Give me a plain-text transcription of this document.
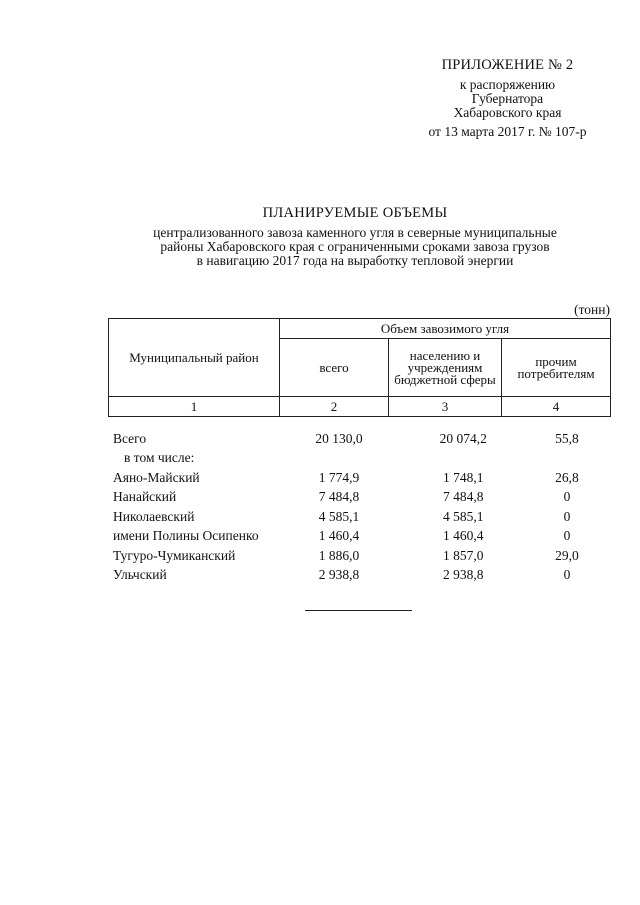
ПРИЛОЖЕНИЕ № 2
к распоряжению
Губернатора
Хабаровского края
от 13 марта 2017 г. № 107-р
ПЛАНИРУЕМЫЕ ОБЪЕМЫ
централизованного завоза каменного угля в северные муниципальные
районы Хабаровского края с ограниченными сроками завоза грузов
в навигацию 2017 года на выработку тепловой энергии
(тонн)
Муниципальный район	Объем завозимого угля		
	всего	населению и учреждениям бюджетной сферы	прочим потребителям
1	2	3	4
Всего	20 130,0	20 074,2	55,8
в том числе:
Аяно-Майский	1 774,9	1 748,1	26,8
Нанайский	7 484,8	7 484,8	0
Николаевский	4 585,1	4 585,1	0
имени Полины Осипенко	1 460,4	1 460,4	0
Тугуро-Чумиканский	1 886,0	1 857,0	29,0
Ульчский	2 938,8	2 938,8	0
